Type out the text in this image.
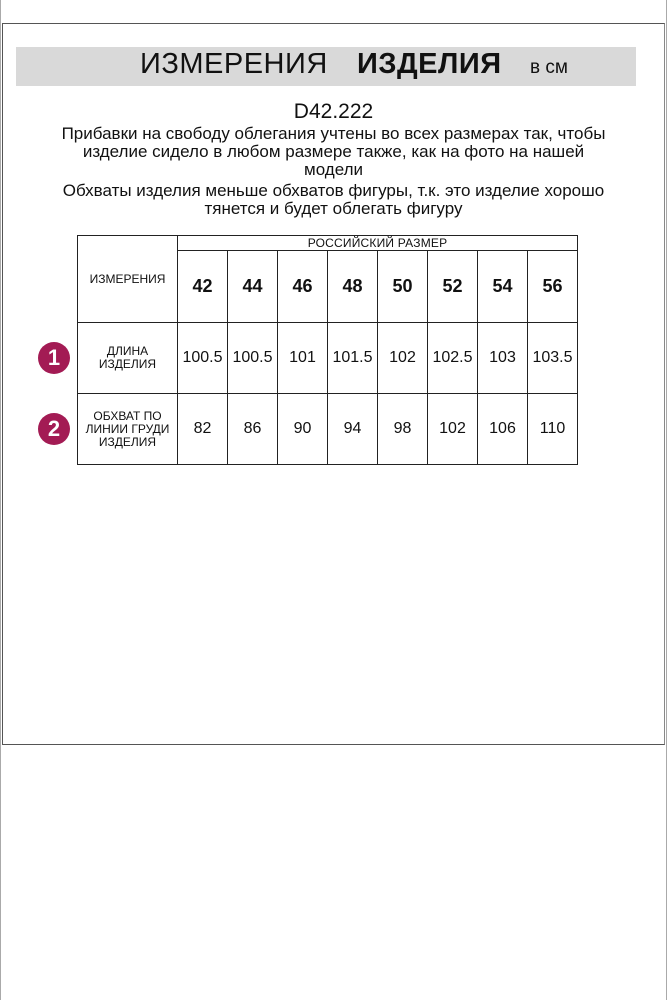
ИЗМЕРЕНИЯ ИЗДЕЛИЯ в см
D42.222
Прибавки на свободу облегания учтены во всех размерах так, чтобы изделие сидело в любом размере также, как на фото на нашей модели
Обхваты изделия меньше обхватов фигуры, т.к. это изделие хорошо тянется и будет облегать фигуру
1
2
ИЗМЕРЕНИЯ	РОССИЙСКИЙ РАЗМЕР							
	42	44	46	48	50	52	54	56
ДЛИНА ИЗДЕЛИЯ	100.5	100.5	101	101.5	102	102.5	103	103.5
ОБХВАТ ПО ЛИНИИ ГРУДИ ИЗДЕЛИЯ	82	86	90	94	98	102	106	110
